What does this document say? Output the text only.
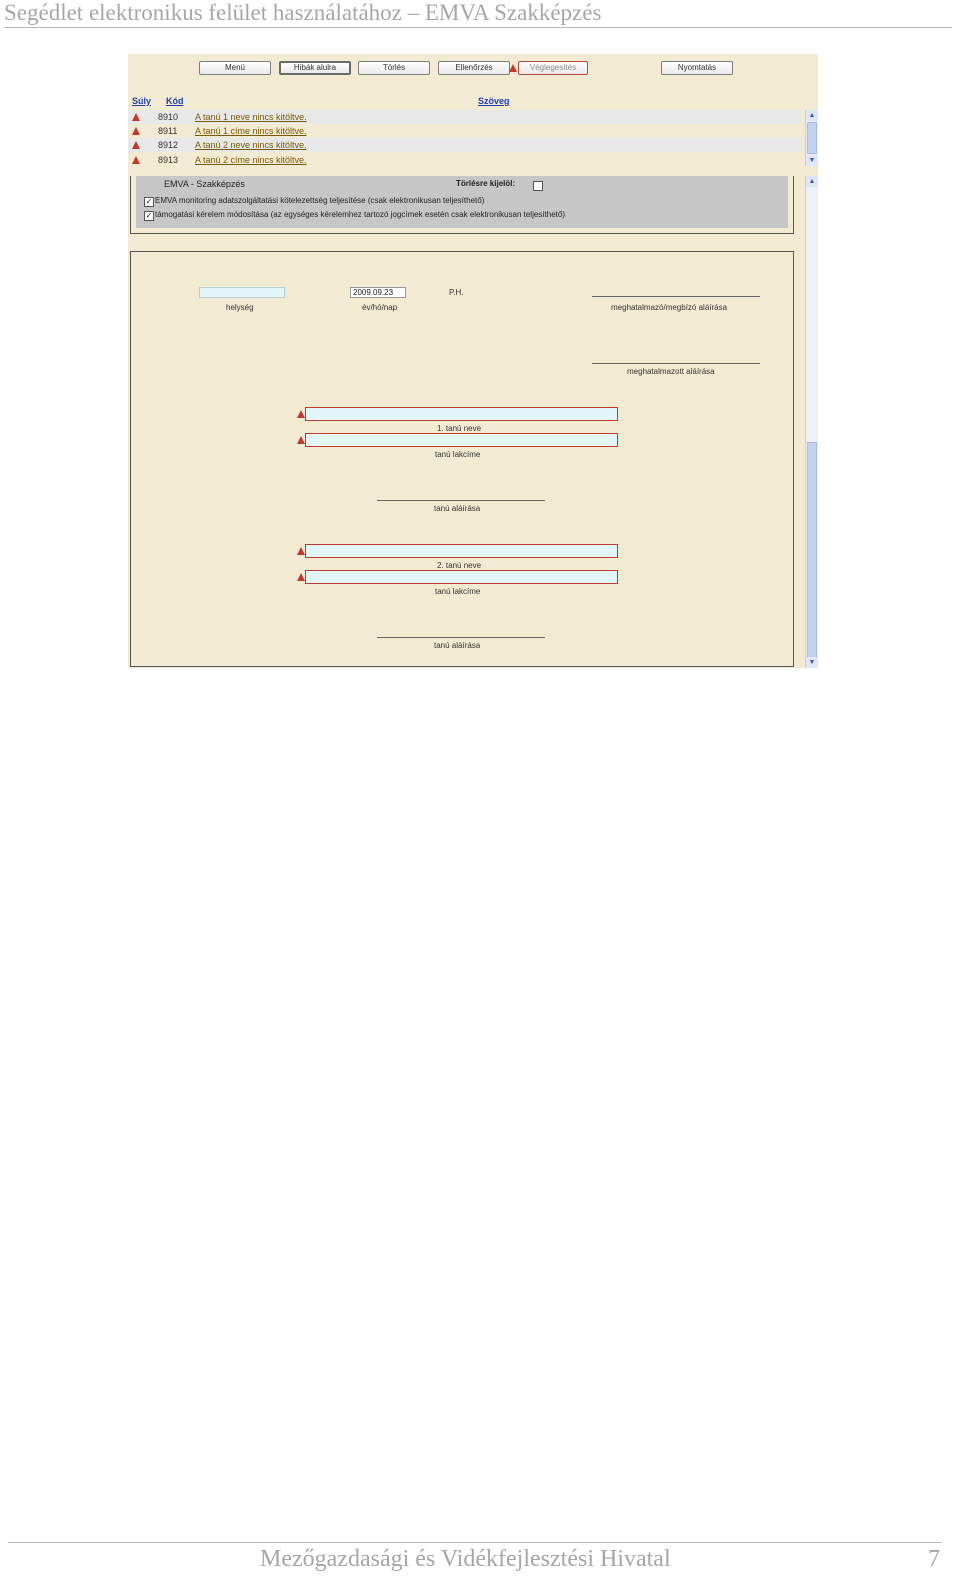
Segédlet elektronikus felület használatához – EMVA Szakképzés
Menü	Hibák alulra	Törlés	Ellenőrzés	Véglegesítés	Nyomtatás
Súly Kód	Szöveg
8910 A tanú 1 neve nincs kitöltve.
8911 A tanú 1 címe nincs kitöltve.
8912 A tanú 2 neve nincs kitöltve.
8913 A tanú 2 címe nincs kitöltve.
▲
▼
▲
▼
EMVA - Szakképzés	Törlésre kijelöl:
✓ EMVA monitoring adatszolgáltatási kötelezettség teljesítése (csak elektronikusan teljesíthető)
✓ támogatási kérelem módosítása (az egységes kérelemhez tartozó jogcímek esetén csak elektronikusan teljesíthető)
helység
2009.09.23
év/hó/nap
P.H.
meghatalmazó/megbízó aláírása
meghatalmazott aláírása
1. tanú neve
tanú lakcíme
tanú aláírása
2. tanú neve
tanú lakcíme
tanú aláírása
Mezőgazdasági és Vidékfejlesztési Hivatal	7
